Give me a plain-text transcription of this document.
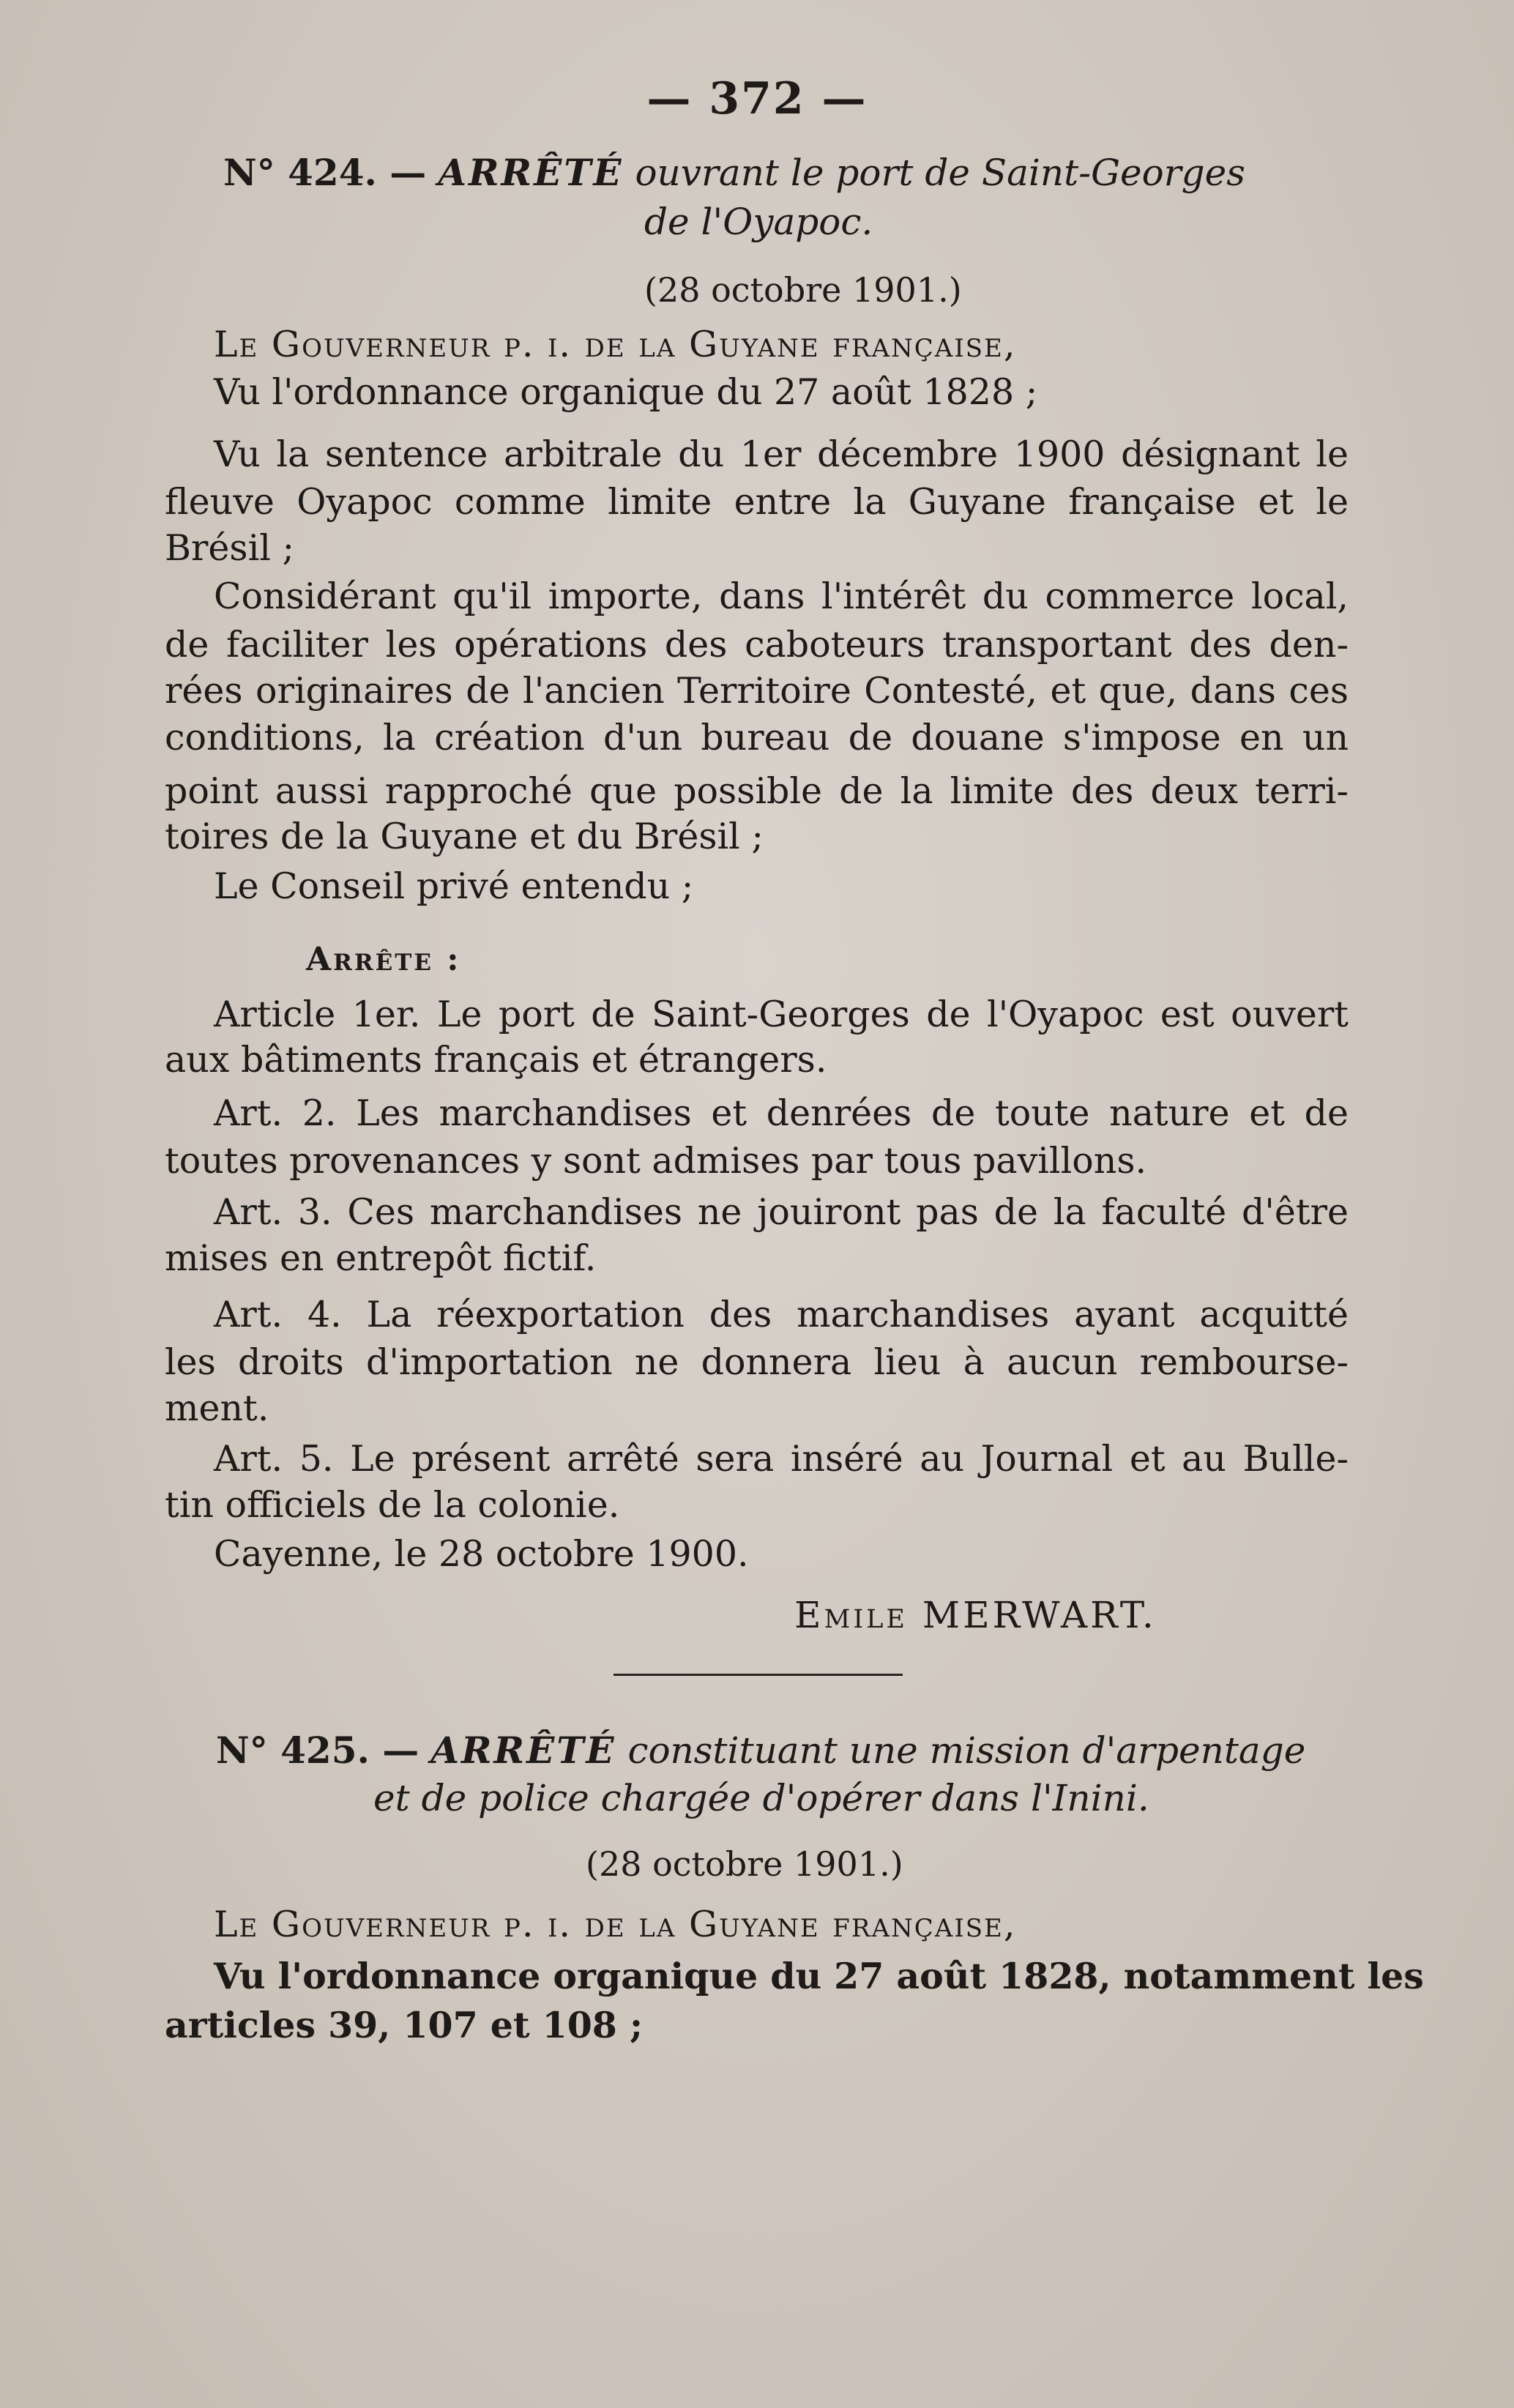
— 372 —
N° 424. — ARRÊTÉ ouvrant le port de Saint-Georges
de l'Oyapoc.
(28 octobre 1901.)
Le Gouverneur p. i. de la Guyane française,
Vu l'ordonnance organique du 27 août 1828 ;
Vu la sentence arbitrale du 1er décembre 1900 désignant le
fleuve Oyapoc comme limite entre la Guyane française et le
Brésil ;
Considérant qu'il importe, dans l'intérêt du commerce local,
de faciliter les opérations des caboteurs transportant des den-
rées originaires de l'ancien Territoire Contesté, et que, dans ces
conditions, la création d'un bureau de douane s'impose en un
point aussi rapproché que possible de la limite des deux terri-
toires de la Guyane et du Brésil ;
Le Conseil privé entendu ;
Arrête :
Article 1er. Le port de Saint-Georges de l'Oyapoc est ouvert
aux bâtiments français et étrangers.
Art. 2. Les marchandises et denrées de toute nature et de
toutes provenances y sont admises par tous pavillons.
Art. 3. Ces marchandises ne jouiront pas de la faculté d'être
mises en entrepôt fictif.
Art. 4. La réexportation des marchandises ayant acquitté
les droits d'importation ne donnera lieu à aucun rembourse-
ment.
Art. 5. Le présent arrêté sera inséré au Journal et au Bulle-
tin officiels de la colonie.
Cayenne, le 28 octobre 1900.
Emile MERWART.
N° 425. — ARRÊTÉ constituant une mission d'arpentage
et de police chargée d'opérer dans l'Inini.
(28 octobre 1901.)
Le Gouverneur p. i. de la Guyane française,
Vu l'ordonnance organique du 27 août 1828, notamment les
articles 39, 107 et 108 ;
